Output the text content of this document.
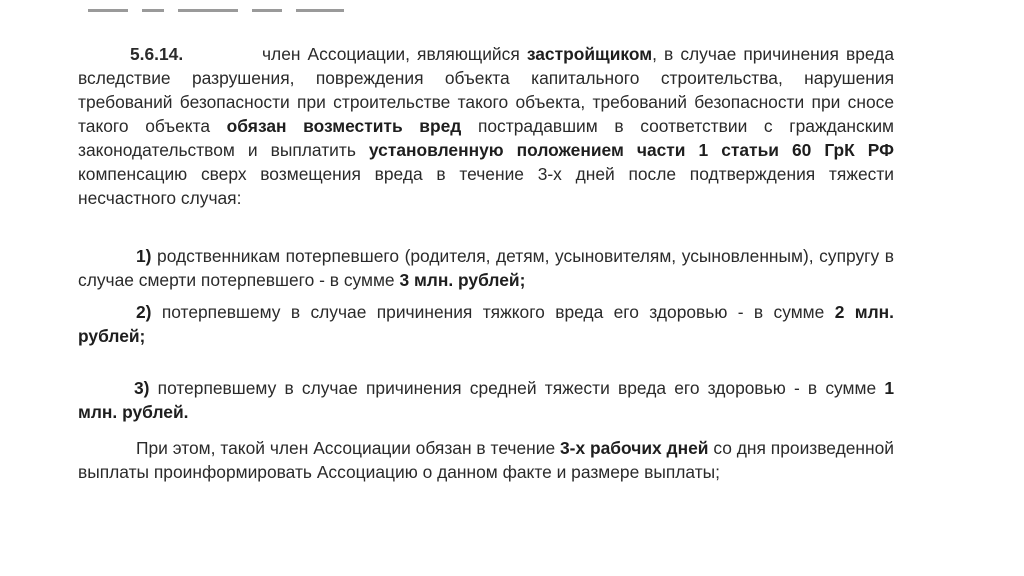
5.6.14.	член Ассоциации, являющийся застройщиком, в случае причинения вреда вследствие разрушения, повреждения объекта капитального строительства, нарушения требований безопасности при строительстве такого объекта, требований безопасности при сносе такого объекта обязан возместить вред пострадавшим в соответствии с гражданским законодательством и выплатить установленную положением части 1 статьи 60 ГрК РФ компенсацию сверх возмещения вреда в течение 3-х дней после подтверждения тяжести несчастного случая:

1) родственникам потерпевшего (родителя, детям, усыновителям, усыновленным), супругу в случае смерти потерпевшего - в сумме 3 млн. рублей;

2) потерпевшему в случае причинения тяжкого вреда его здоровью - в сумме 2 млн. рублей;

3) потерпевшему в случае причинения средней тяжести вреда его здоровью - в сумме 1 млн. рублей.

При этом, такой член Ассоциации обязан в течение 3-х рабочих дней со дня произведенной выплаты проинформировать Ассоциацию о данном факте и размере выплаты;
